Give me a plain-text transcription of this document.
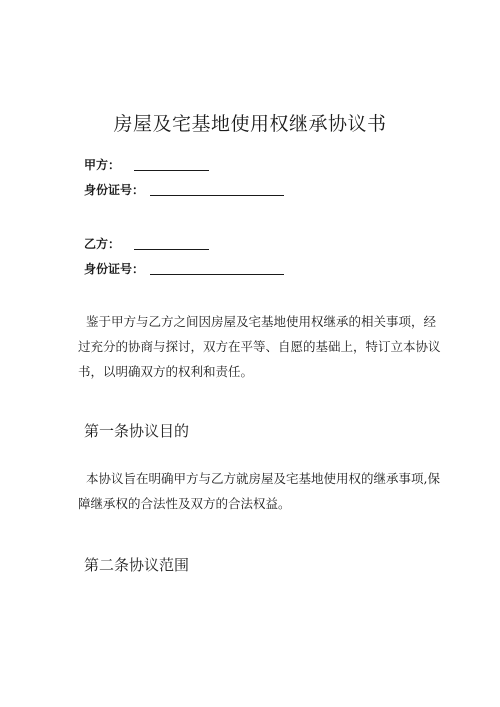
房屋及宅基地使用权继承协议书
甲方：
身份证号：
乙方：
身份证号：

鉴于甲方与乙方之间因房屋及宅基地使用权继承的相关事项，经
过充分的协商与探讨，双方在平等、自愿的基础上，特订立本协议
书，以明确双方的权利和责任。

第一条协议目的

本协议旨在明确甲方与乙方就房屋及宅基地使用权的继承事项,保
障继承权的合法性及双方的合法权益。

第二条协议范围
